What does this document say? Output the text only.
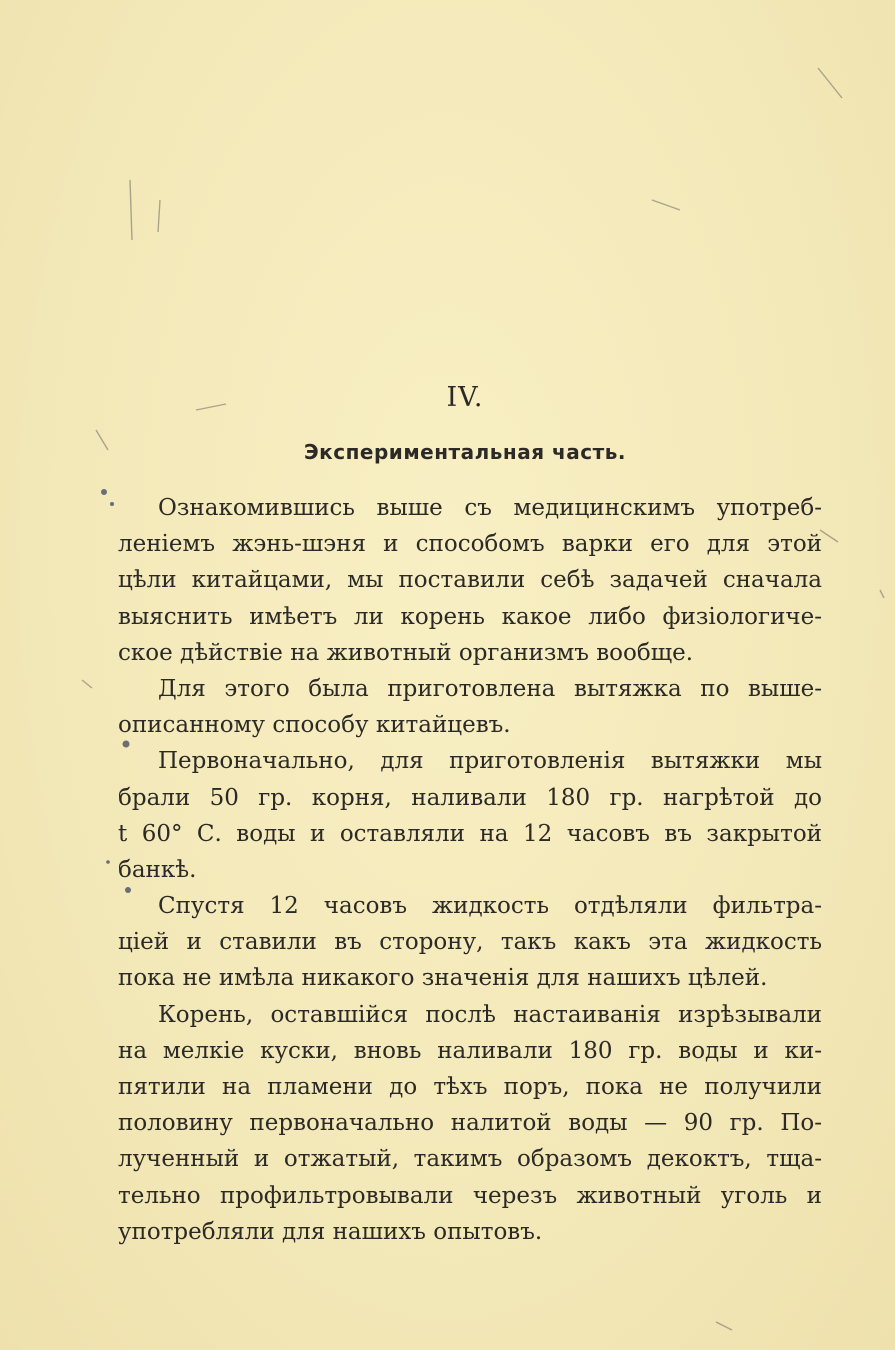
IV.
Экспериментальная часть.
Ознакомившись выше съ медицинскимъ употреб-
леніемъ жэнь-шэня и способомъ варки его для этой
цѣли китайцами, мы поставили себѣ задачей сначала
выяснить имѣетъ ли корень какое либо физіологиче-
ское дѣйствіе на животный организмъ вообще.
Для этого была приготовлена вытяжка по выше-
описанному способу китайцевъ.
Первоначально, для приготовленія вытяжки мы
брали 50 гр. корня, наливали 180 гр. нагрѣтой до
t 60° С. воды и оставляли на 12 часовъ въ закрытой
банкѣ.
Спустя 12 часовъ жидкость отдѣляли фильтра-
ціей и ставили въ сторону, такъ какъ эта жидкость
пока не имѣла никакого значенія для нашихъ цѣлей.
Корень, оставшійся послѣ настаиванія изрѣзывали
на мелкіе куски, вновь наливали 180 гр. воды и ки-
пятили на пламени до тѣхъ поръ, пока не получили
половину первоначально налитой воды — 90 гр. По-
лученный и отжатый, такимъ образомъ декоктъ, тща-
тельно профильтровывали черезъ животный уголь и
употребляли для нашихъ опытовъ.
